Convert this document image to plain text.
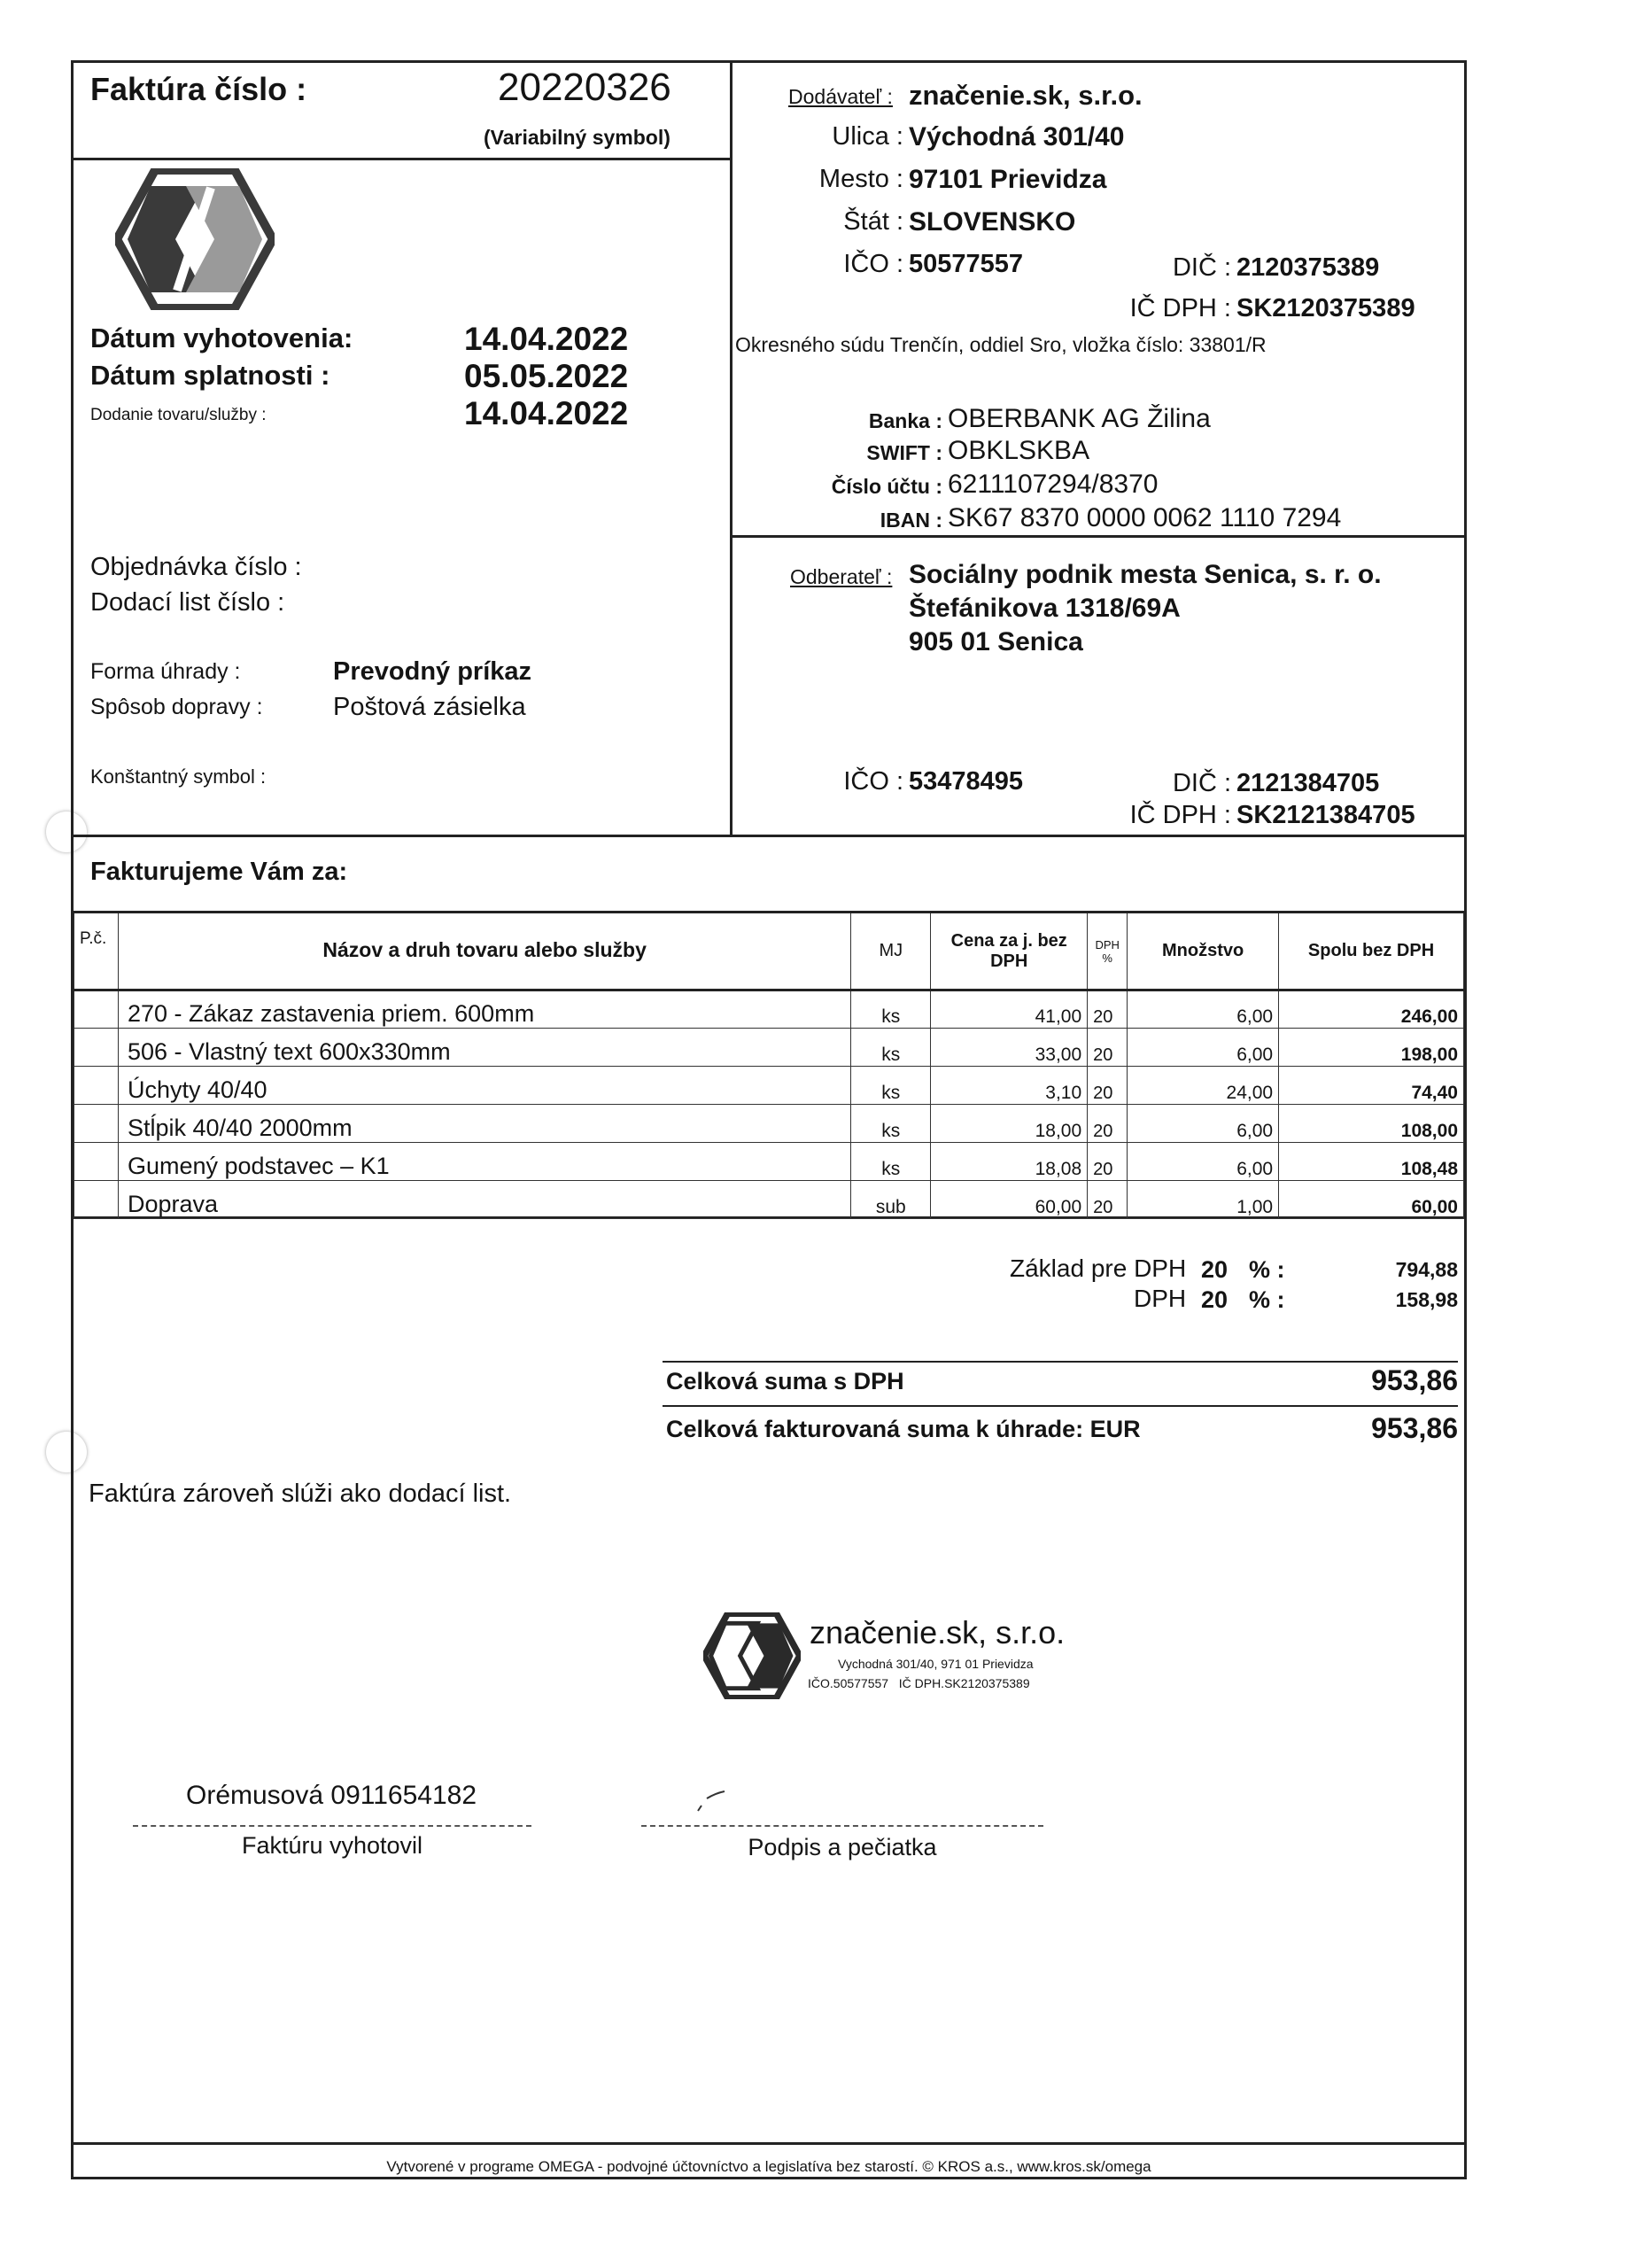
Faktúra číslo :	20220326
(Variabilný symbol)
Dátum vyhotovenia:	14.04.2022
Dátum splatnosti :	05.05.2022
Dodanie tovaru/služby :	14.04.2022
Objednávka číslo :
Dodací list číslo :
Forma úhrady :	Prevodný príkaz
Spôsob dopravy :	Poštová zásielka
Konštantný symbol :
Dodávateľ : značenie.sk, s.r.o.
Ulica : Východná 301/40
Mesto : 97101 Prievidza
Štát : SLOVENSKO
IČO : 50577557	DIČ : 2120375389
IČ DPH : SK2120375389
Okresného súdu Trenčín, oddiel Sro, vložka číslo: 33801/R
Banka : OBERBANK AG Žilina
SWIFT : OBKLSKBA
Číslo účtu : 6211107294/8370
IBAN : SK67 8370 0000 0062 1110 7294
Odberateľ : Sociálny podnik mesta Senica, s. r. o.
Štefánikova 1318/69A
905 01 Senica
IČO : 53478495	DIČ : 2121384705
IČ DPH : SK2121384705
Fakturujeme Vám za:
P.č.	Názov a druh tovaru alebo služby	MJ	Cena za j. bez DPH	DPH %	Množstvo	Spolu bez DPH
	270 - Zákaz zastavenia priem. 600mm	ks	41,00	20	6,00	246,00
	506 - Vlastný text 600x330mm	ks	33,00	20	6,00	198,00
	Úchyty 40/40	ks	3,10	20	24,00	74,40
	Stĺpik 40/40 2000mm	ks	18,00	20	6,00	108,00
	Gumený podstavec – K1	ks	18,08	20	6,00	108,48
	Doprava	sub	60,00	20	1,00	60,00
Základ pre DPH 20 % :	794,88
DPH 20 % :	158,98
Celková suma s DPH	953,86
Celková fakturovaná suma k úhrade: EUR	953,86
Faktúra zároveň slúži ako dodací list.
značenie.sk, s.r.o.
Vychodná 301/40, 971 01 Prievidza
IČO.50577557   IČ DPH.SK2120375389
Orémusová 0911654182
Faktúru vyhotovil	Podpis a pečiatka
Vytvorené v programe OMEGA - podvojné účtovníctvo a legislatíva bez starostí. © KROS a.s., www.kros.sk/omega
